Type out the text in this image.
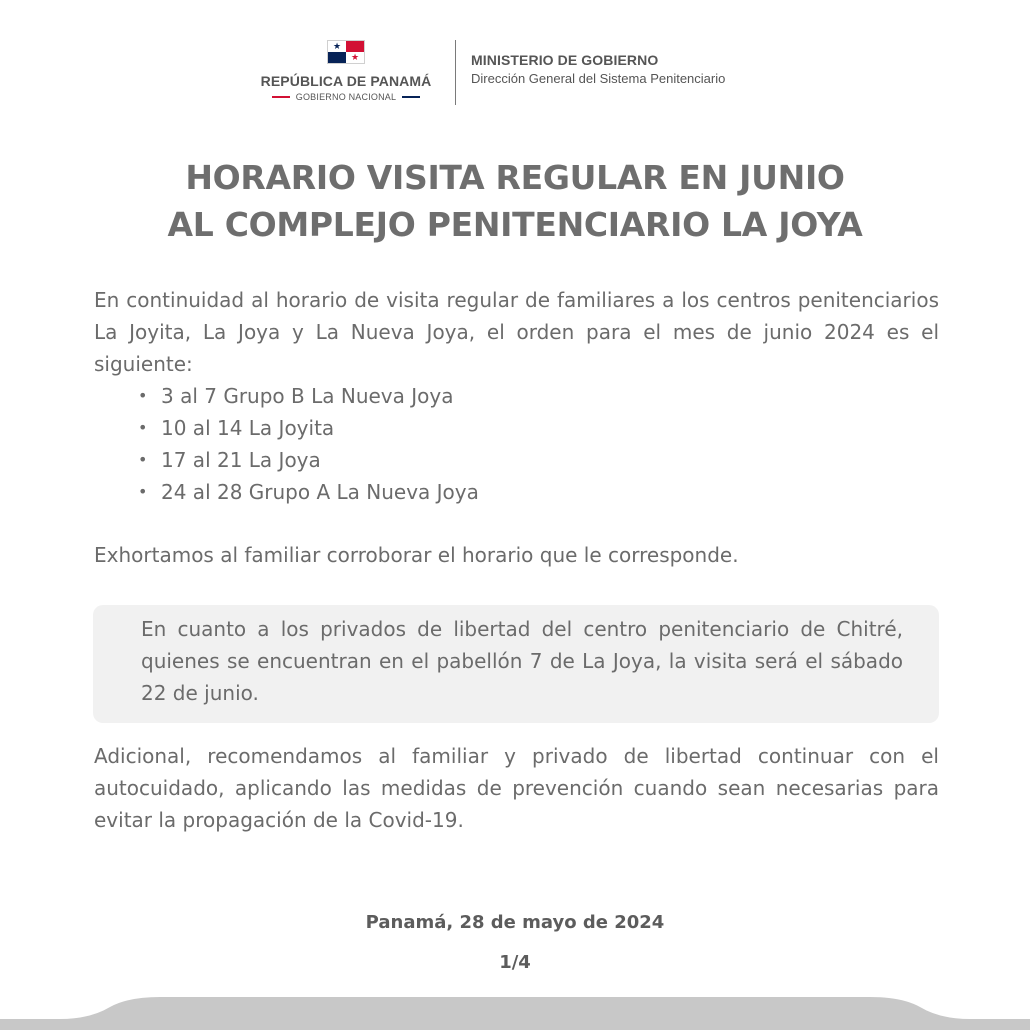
★
★
REPÚBLICA DE PANAMÁ
GOBIERNO NACIONAL
MINISTERIO DE GOBIERNO
Dirección General del Sistema Penitenciario
HORARIO VISITA REGULAR EN JUNIO
AL COMPLEJO PENITENCIARIO LA JOYA

En continuidad al horario de visita regular de familiares a los centros penitenciarios La Joyita, La Joya y La Nueva Joya, el orden para el mes de junio 2024 es el siguiente:

• 3 al 7 Grupo B La Nueva Joya
• 10 al 14 La Joyita
• 17 al 21 La Joya
• 24 al 28 Grupo A La Nueva Joya
Exhortamos al familiar corroborar el horario que le corresponde.
En cuanto a los privados de libertad del centro penitenciario de Chitré, quienes se encuentran en el pabellón 7 de La Joya, la visita será el sábado 22 de junio.
Adicional, recomendamos al familiar y privado de libertad continuar con el autocuidado, aplicando las medidas de prevención cuando sean necesarias para evitar la propagación de la Covid-19.
Panamá, 28 de mayo de 2024
1/4
